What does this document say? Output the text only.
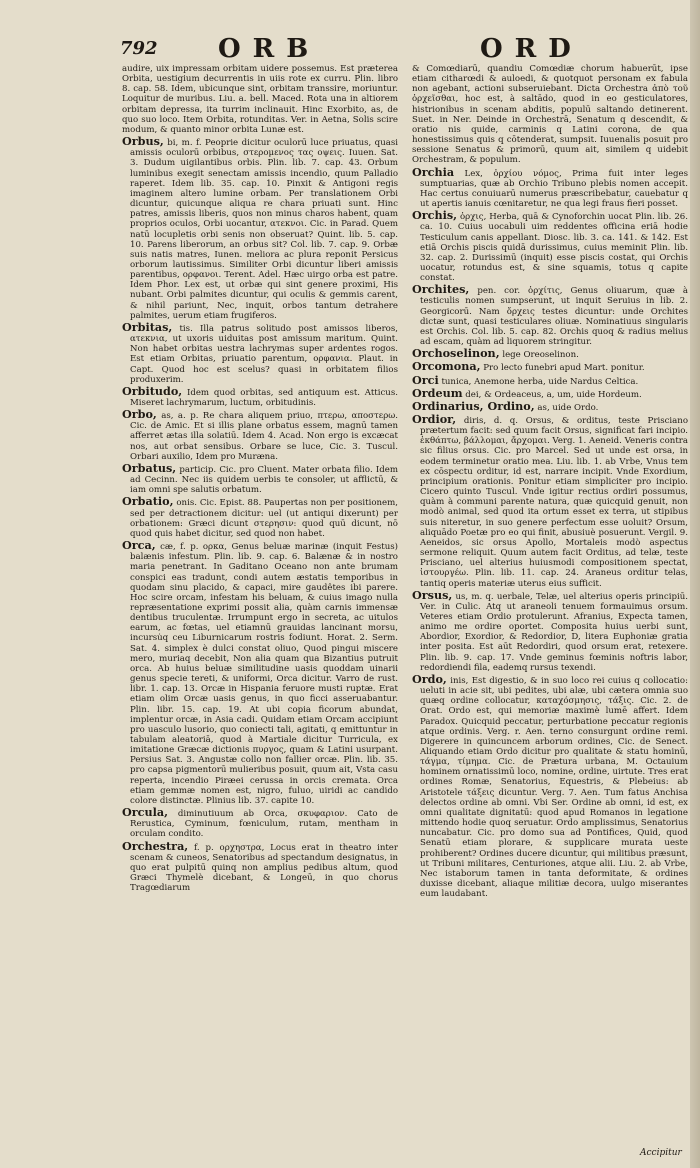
792 ORB	ORD

audire, uix impressam orbitam uidere possemus. Est præterea Orbita, uestigium decurrentis in uiis rote ex curru. Plin. libro 8. cap. 58. Idem, ubicunque sint, orbitam transsire, moriuntur. Loquitur de muribus. Liu. a. bell. Maced. Rota una in altiorem orbitam depressa, ita turrim inclinauit. Hinc Exorbito, as, de quo suo loco. Item Orbita, rotunditas. Ver. in Aetna, Solis scire modum, & quanto minor orbita Lunæ est.

Orbus, bi, m. f. Peoprie dicitur oculorū luce priuatus, quasi amissis oculorū orbibus, στερομενος τας οψεις. Iuuen. Sat. 3. Dudum uigilantibus orbis. Plin. lib. 7. cap. 43. Orbum luminibus exegit senectam amissis incendio, quum Palladio raperet. Idem lib. 35. cap. 10. Pinxit & Antigoni regis imaginem altero lumine orbam. Per translationem Orbi dicuntur, quicunque aliqua re chara priuati sunt. Hinc patres, amissis liberis, quos non minus charos habent, quam proprios oculos, Orbi uocantur, ατεκνοι. Cic. in Parad. Quem natū locupletis orbi senis non obseruat? Quint. lib. 5. cap. 10. Parens liberorum, an orbus sit? Col. lib. 7. cap. 9. Orbæ suis natis matres, Iunen. meliora ac plura reponit Persicus orborum lautissimus. Similiter Orbi dicuntur liberi amissis parentibus, ορφανοι. Terent. Adel. Hæc uirgo orba est patre. Idem Phor. Lex est, ut orbæ qui sint genere proximi, His nubant. Orbi palmites dicuntur, qui oculis & gemmis carent, & nihil pariunt, Nec, inquit, orbos tantum detrahere palmites, uerum etiam frugiferos.

Orbitas, tis. Illa patrus solitudo post amissos liberos, ατεκνια, ut uxoris uiduitas post amissum maritum. Quint. Non habet orbitas uestra lachrymas super ardentes rogos. Est etiam Orbitas, priuatio parentum, ορφανια. Plaut. in Capt. Quod hoc est scelus? quasi in orbitatem filios produxerim.

Orbitudo, Idem quod orbitas, sed antiquum est. Atticus. Miseret lachrymarum, luctum, orbitudinis.

Orbo, as, a. p. Re chara aliquem priuo, πτερω, αποστερω. Cic. de Amic. Et si illis plane orbatus essem, magnū tamen afferret ætas illa solatiū. Idem 4. Acad. Non ergo is excæcat nos, aut orbat sensibus. Orbare se luce, Cic. 3. Tuscul. Orbari auxilio, Idem pro Muræna.

Orbatus, particip. Cic. pro Cluent. Mater orbata filio. Idem ad Cecinn. Nec iis quidem uerbis te consoler, ut afflictū, & iam omni spe salutis orbatum.

Orbatio, onis. Cic. Epist. 88. Paupertas non per positionem, sed per detractionem dicitur: uel (ut antiqui dixerunt) per orbationem: Græci dicunt στερησιν: quod quū dicunt, nō quod quis habet dicitur, sed quod non habet.

Orca, cæ, f. p. ορκα, Genus beluæ marinæ (inquit Festus) balænis infestum. Plin. lib. 9. cap. 6. Balænæ & in nostro maria penetrant. In Gaditano Oceano non ante brumam conspici eas tradunt, condi autem æstatis temporibus in quodam sinu placido, & capaci, mire gaudêtes ibi parere. Hoc scire orcam, infestam his beluam, & cuius imago nulla repræsentatione exprimi possit alia, quàm carnis immensæ dentibus truculentæ. Irrumpunt ergo in secreta, ac uitulos earum, ac fœtas, uel etiamnū grauidas lancinant morsu, incursu̇q ceu Liburnicarum rostris fodiunt. Horat. 2. Serm. Sat. 4. simplex è dulci constat oliuo, Quod pingui miscere mero, muriaq decebit, Non alia quam qua Bizantius putruit orca. Ab huius beluæ similitudine uasis quoddam uinarii genus specie tereti, & uniformi, Orca dicitur. Varro de rust. libr. 1. cap. 13. Orcæ in Hispania feruore musti ruptæ. Erat etiam olim Orcæ uasis genus, in quo ficci asseruabantur. Plin. libr. 15. cap. 19. At ubi copia ficorum abundat, implentur orcæ, in Asia cadi. Quidam etiam Orcam accipiunt pro uasculo lusorio, quo coniecti tali, agitati, q emittuntur in tabulam aleatoriā, quod à Martiale dicitur Turricula, ex imitatione Græcæ dictionis πυργος, quam & Latini usurpant. Persius Sat. 3. Angustæ collo non fallier orcæ. Plin. lib. 35. pro capsa pigmentorū mulieribus posuit, quum ait, Vsta casu reperta, incendio Piræei cerussa in orcis cremata. Orca etiam gemmæ nomen est, nigro, fuluo, uiridi ac candido colore distinctæ. Plinius lib. 37. capite 10.

Orcula, diminutiuum ab Orca, σκυφαριον. Cato de Rerustica, Cyminum, fœniculum, rutam, mentham in orculam condito.

Orchestra, f. p. ορχηστρα, Locus erat in theatro inter scenam & cuneos, Senatoribus ad spectandum designatus, in quo erat pulpitū quinq non amplius pedibus altum, quod Græci Thymelè dicebant, & Longeū, in quo chorus Tragœdiarum

& Comœdiarū, quandiu Comœdiæ chorum habuerūt, ipse etiam citharœdi & auloedi, & quotquot personam ex fabula non agebant, actioni subseruiebant. Dicta Orchestra ἀπὸ τοῦ ὀρχεῖσθαι, hoc est, à saltādo, quod in eo gesticulatores, histrionibus in scenam abditis, populū saltando detinerent. Suet. in Ner. Deinde in Orchestrā, Senatum q descendit, & oratio nis quide, carminis q Latini corona, de qua honestissimus quis q cōtenderat, sumpsit. Iuuenalis posuit pro sessione Senatus & primorū, quum ait, similem q uidebit Orchestram, & populum.

Orchia Lex, ὀρχίου νόμος, Prima fuit inter leges sumptuarias, quæ ab Orchio Tribuno plebis nomen accepit. Hac certus conuiuarū numerus præscribebatur, cauebatur q ut apertis ianuis cœnitaretur, ne qua legi fraus fieri posset.

Orchis, ὀρχις, Herba, quā & Cynoforchin uocat Plin. lib. 26. ca. 10. Cuius uocabuli uim reddentes officina eriā hodie Testiculum canis appellant. Diosc. lib. 3. ca. 141. & 142. Est etiā Orchis piscis quidā durissimus, cuius meminit Plin. lib. 32. cap. 2. Durissimū (inquit) esse piscis costat, qui Orchis uocatur, rotundus est, & sine squamis, totus q capite constat.

Orchites, pen. cor. ὀρχίτις, Genus oliuarum, quæ à testiculis nomen sumpserunt, ut inquit Seruius in lib. 2. Georgicorū. Nam ὄρχεις testes dicuntur: unde Orchites dictæ sunt, quasi testiculares oliuæ. Nominatiuus singularis est Orchis. Col. lib. 5. cap. 82. Orchis quoq & radius melius ad escam, quàm ad liquorem stringitur.

Orchoselinon, lege Oreoselinon.

Orcomona, Pro lecto funebri apud Mart. ponitur.

Orci tunica, Anemone herba, uide Nardus Celtica.

Ordeum dei, & Ordeaceus, a, um, uide Hordeum.

Ordinarius, Ordino, as, uide Ordo.

Ordior, diris, d. q. Orsus, & orditus, teste Prisciano prætertum facit: sed quum facit Orsus, significat fari incipio. ἐκθάπτω, βάλλομαι, ἄρχομαι. Verg. 1. Aeneid. Veneris contra sic filius orsus. Cic. pro Marcel. Sed ut unde est orsa, in eodem terminetur oratio mea. Liu. lib. 1. ab Vrbe, Vnus tem ex cōspectu orditur, id est, narrare incipit. Vnde Exordium, principium orationis. Ponitur etiam simpliciter pro incipio. Cicero quinto Tuscul. Vnde igitur rectius ordiri possumus, quàm à communi parente natura, quæ quicquid genuit, non modò animal, sed quod ita ortum esset ex terra, ut stipibus suis niteretur, in suo genere perfectum esse uoluit? Orsum, aliquādo Poetæ pro eo qui finit, abusiuè posuerunt. Vergil. 9. Aeneidos, sic orsus Apollo, Mortaleis modò aspectus sermone reliquit. Quum autem facit Orditus, ad telæ, teste Prisciano, uel alterius huiusmodi compositionem spectat, ἱστουργέω. Plin. lib. 11. cap. 24. Araneus orditur telas, tantiq operis materiæ uterus eius sufficit.

Orsus, us, m. q. uerbale, Telæ, uel alterius operis principiū. Ver. in Culic. Atq ut araneoli tenuem formauimus orsum. Veteres etiam Ordio protulerunt. Afranius, Expecta tamen, animo me ordire oportet. Composita huius uerbi sunt, Abordior, Exordior, & Redordior, D, litera Euphoniæ gratia inter posita. Est aūt Redordiri, quod orsum erat, retexere. Plin. lib. 9. cap. 17. Vnde geminus fœminis noftris labor, redordiendi fila, eademq rursus texendi.

Ordo, inis, Est digestio, & in suo loco rei cuius q collocatio: ueluti in acie sit, ubi pedites, ubi alæ, ubi cætera omnia suo quæq ordine collocatur, καταχόσμησις, τάξις. Cic. 2. de Orat. Ordo est, qui memoriæ maximè lumē affert. Idem Paradox. Quicquid peccatur, perturbatione peccatur regionis atque ordinis. Verg. r. Aen. terno consurgunt ordine remi. Digerere in quincuncem arborum ordines, Cic. de Senect. Aliquando etiam Ordo dicitur pro qualitate & statu hominū, τάγμα, τίμημα. Cic. de Prætura urbana, M. Octauium hominem ornatissimū loco, nomine, ordine, uirtute. Tres erat ordines Romæ, Senatorius, Equestris, & Plebeius: ab Aristotele τάξεις dicuntur. Verg. 7. Aen. Tum fatus Anchisa delectos ordine ab omni. Vbi Ser. Ordine ab omni, id est, ex omni qualitate dignitatū: quod apud Romanos in legatione mittendo hodie quoq seruatur. Ordo amplissimus, Senatorius nuncabatur. Cic. pro domo sua ad Pontifices, Quid, quod Senatū etiam plorare, & supplicare murata ueste prohiberent? Ordines ducere dicuntur, qui militibus præsunt, ut Tribuni militares, Centuriones, atque alii. Liu. 2. ab Vrbe, Nec istaborum tamen in tanta deformitate, & ordines duxisse dicebant, aliaque militiæ decora, uulgo miserantes eum laudabant.

Accipitur
